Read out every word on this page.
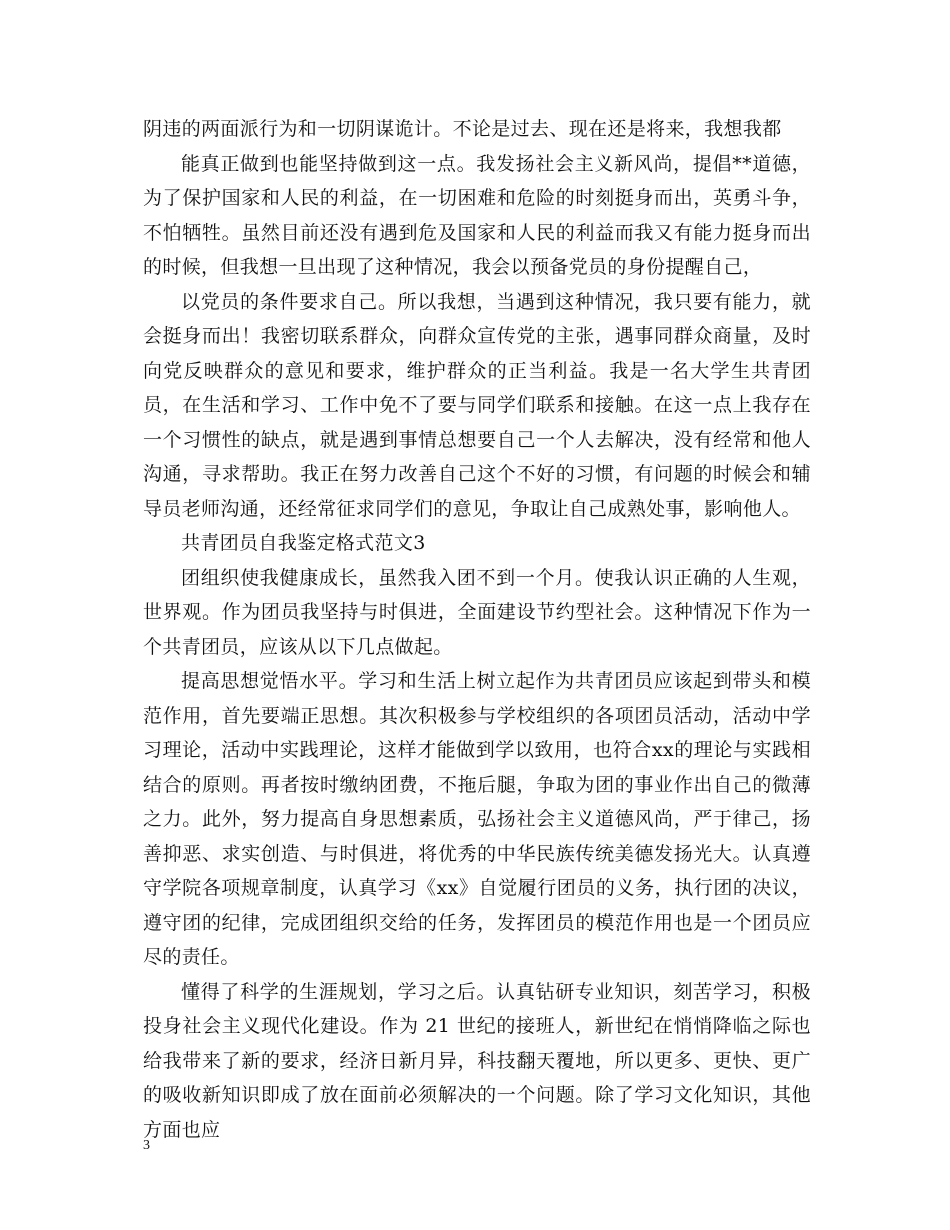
阴违的两面派行为和一切阴谋诡计。不论是过去、现在还是将来，我想我都

能真正做到也能坚持做到这一点。我发扬社会主义新风尚，提倡**道德，为了保护国家和人民的利益，在一切困难和危险的时刻挺身而出，英勇斗争，不怕牺牲。虽然目前还没有遇到危及国家和人民的利益而我又有能力挺身而出的时候，但我想一旦出现了这种情况，我会以预备党员的身份提醒自己，

以党员的条件要求自己。所以我想，当遇到这种情况，我只要有能力，就会挺身而出！我密切联系群众，向群众宣传党的主张，遇事同群众商量，及时向党反映群众的意见和要求，维护群众的正当利益。我是一名大学生共青团员，在生活和学习、工作中免不了要与同学们联系和接触。在这一点上我存在一个习惯性的缺点，就是遇到事情总想要自己一个人去解决，没有经常和他人沟通，寻求帮助。我正在努力改善自己这个不好的习惯，有问题的时候会和辅导员老师沟通，还经常征求同学们的意见，争取让自己成熟处事，影响他人。

共青团员自我鉴定格式范文3

团组织使我健康成长，虽然我入团不到一个月。使我认识正确的人生观，世界观。作为团员我坚持与时俱进，全面建设节约型社会。这种情况下作为一个共青团员，应该从以下几点做起。

提高思想觉悟水平。学习和生活上树立起作为共青团员应该起到带头和模范作用，首先要端正思想。其次积极参与学校组织的各项团员活动，活动中学习理论，活动中实践理论，这样才能做到学以致用，也符合xx的理论与实践相结合的原则。再者按时缴纳团费，不拖后腿，争取为团的事业作出自己的微薄之力。此外，努力提高自身思想素质，弘扬社会主义道德风尚，严于律己，扬善抑恶、求实创造、与时俱进，将优秀的中华民族传统美德发扬光大。认真遵守学院各项规章制度，认真学习《xx》自觉履行团员的义务，执行团的决议，遵守团的纪律，完成团组织交给的任务，发挥团员的模范作用也是一个团员应尽的责任。

懂得了科学的生涯规划，学习之后。认真钻研专业知识，刻苦学习，积极投身社会主义现代化建设。作为 21 世纪的接班人，新世纪在悄悄降临之际也给我带来了新的要求，经济日新月异，科技翻天覆地，所以更多、更快、更广的吸收新知识即成了放在面前必须解决的一个问题。除了学习文化知识，其他方面也应

3
